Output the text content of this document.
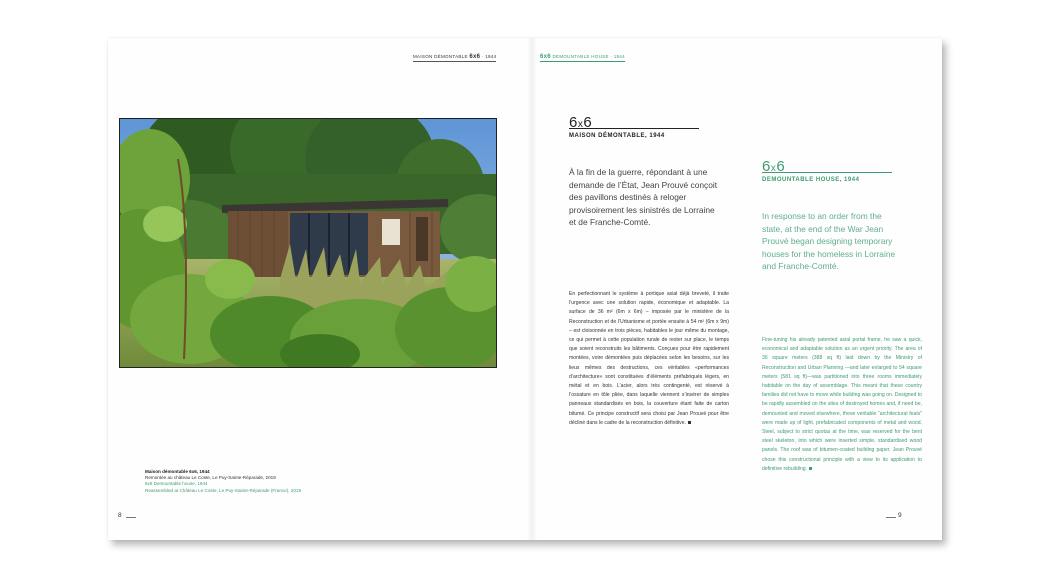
MAISON DÉMONTABLE 6x6 · 1944	6x6 DEMOUNTABLE HOUSE · 1944
Maison démontable 6x6, 1944
Remontée au château Le Coste, Le Puy-Sainte-Réparade, 2019
6x6 Demountable house, 1944
Reassembled at Château Le Coste, Le Puy-Sainte-Réparade (France), 2019
6x6
MAISON DÉMONTABLE, 1944
À la fin de la guerre, répondant à une demande de l’État, Jean Prouvé conçoit des pavillons destinés à reloger provisoirement les sinistrés de Lorraine et de Franche-Comté.
En perfectionnant le système à portique axial déjà breveté, il traite l’urgence avec une solution rapide, économique et adaptable. La surface de 36 m² (6m x 6m) – imposée par le ministère de la Reconstruction et de l’Urbanisme et portée ensuite à 54 m² (6m x 9m) – est cloisonnée en trois pièces, habitables le jour même du montage, ce qui permet à cette population rurale de rester sur place, le temps que soient reconstruits les bâtiments. Conçues pour être rapidement montées, voire démontées puis déplacées selon les besoins, sur les lieux mêmes des destructions, ces véritables «performances d’architecture» sont constituées d’éléments préfabriqués légers, en métal et en bois. L’acier, alors très contingenté, est réservé à l’ossature en tôle pliée, dans laquelle viennent s’insérer de simples panneaux standardisés en bois, la couverture étant faite de carton bitumé. Ce principe constructif sera choisi par Jean Prouvé pour être décliné dans le cadre de la reconstruction définitive.
6x6
DEMOUNTABLE HOUSE, 1944
In response to an order from the state, at the end of the War Jean Prouvé began designing temporary houses for the homeless in Lorraine and Franche-Comté.
Fine-tuning his already patented axial portal frame, he saw a quick, economical and adaptable solution as an urgent priority. The area of 36 square meters (388 sq ft) laid down by the Ministry of Reconstruction and Urban Planning —and later enlarged to 54 square meters (581 sq ft)—was partitioned into three rooms immediately habitable on the day of assemblage. This meant that these country families did not have to move while building was going on. Designed to be rapidly assembled on the sites of destroyed homes and, if need be, demounted and moved elsewhere, these veritable “architectural feats” were made up of light, prefabricated components of metal and wood. Steel, subject to strict quotas at the time, was reserved for the bent steel skeleton, into which were inserted simple, standardised wood panels. The roof was of bitumen-coated building paper. Jean Prouvé chose this constructional principle with a view to its application to definitive rebuilding.
8	9
